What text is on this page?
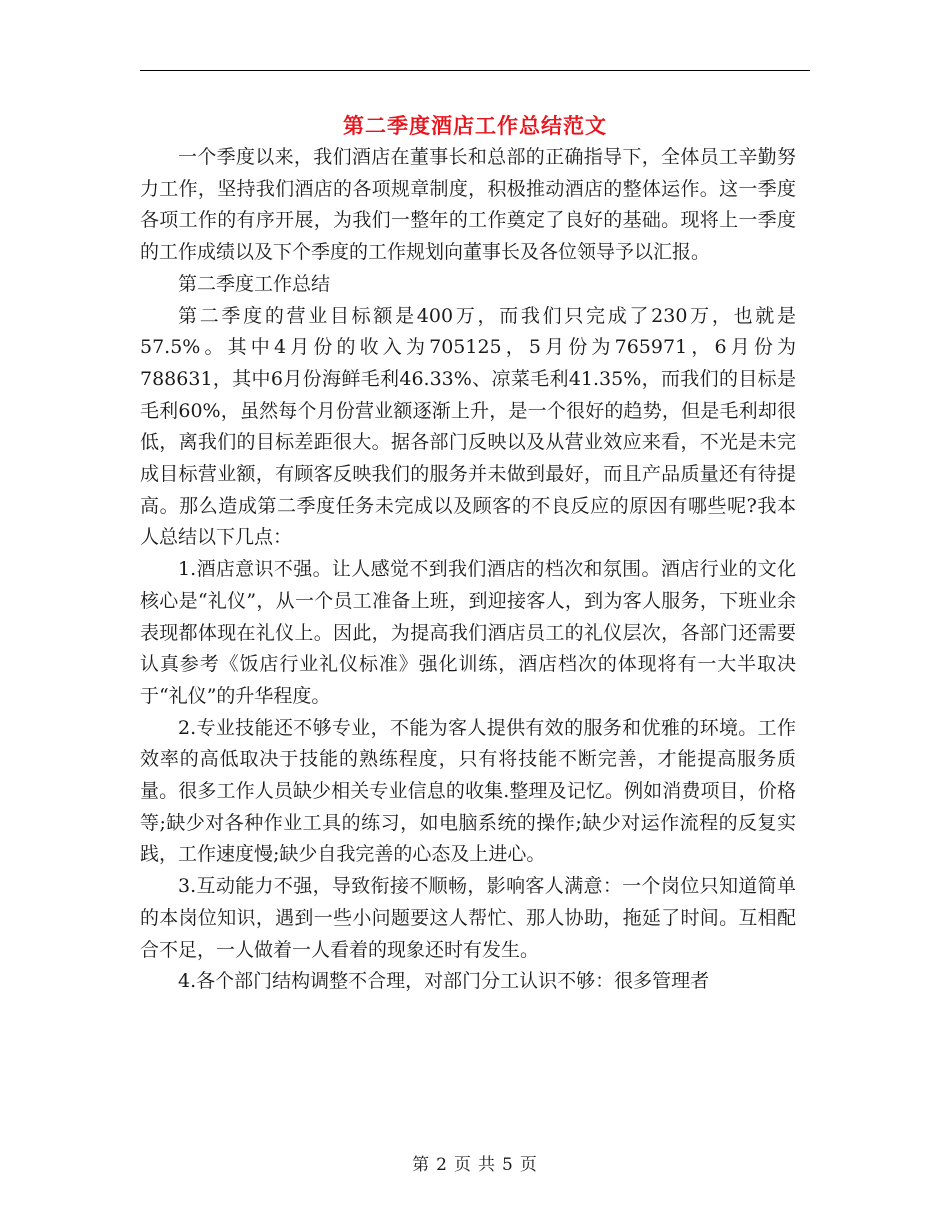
第二季度酒店工作总结范文

一个季度以来，我们酒店在董事长和总部的正确指导下，全体员工辛勤努力工作，坚持我们酒店的各项规章制度，积极推动酒店的整体运作。这一季度各项工作的有序开展，为我们一整年的工作奠定了良好的基础。现将上一季度的工作成绩以及下个季度的工作规划向董事长及各位领导予以汇报。

第二季度工作总结

第二季度的营业目标额是400万，而我们只完成了230万，也就是57.5%。其中4月份的收入为705125，5月份为765971，6月份为788631，其中6月份海鲜毛利46.33%、凉菜毛利41.35%，而我们的目标是毛利60%，虽然每个月份营业额逐渐上升，是一个很好的趋势，但是毛利却很低，离我们的目标差距很大。据各部门反映以及从营业效应来看，不光是未完成目标营业额，有顾客反映我们的服务并未做到最好，而且产品质量还有待提高。那么造成第二季度任务未完成以及顾客的不良反应的原因有哪些呢?我本人总结以下几点：

1.酒店意识不强。让人感觉不到我们酒店的档次和氛围。酒店行业的文化核心是“礼仪”，从一个员工准备上班，到迎接客人，到为客人服务，下班业余表现都体现在礼仪上。因此，为提高我们酒店员工的礼仪层次，各部门还需要认真参考《饭店行业礼仪标准》强化训练，酒店档次的体现将有一大半取决于“礼仪”的升华程度。

2.专业技能还不够专业，不能为客人提供有效的服务和优雅的环境。工作效率的高低取决于技能的熟练程度，只有将技能不断完善，才能提高服务质量。很多工作人员缺少相关专业信息的收集.整理及记忆。例如消费项目，价格等;缺少对各种作业工具的练习，如电脑系统的操作;缺少对运作流程的反复实践，工作速度慢;缺少自我完善的心态及上进心。

3.互动能力不强，导致衔接不顺畅，影响客人满意：一个岗位只知道简单的本岗位知识，遇到一些小问题要这人帮忙、那人协助，拖延了时间。互相配合不足，一人做着一人看着的现象还时有发生。

4.各个部门结构调整不合理，对部门分工认识不够：很多管理者

第 2 页 共 5 页
